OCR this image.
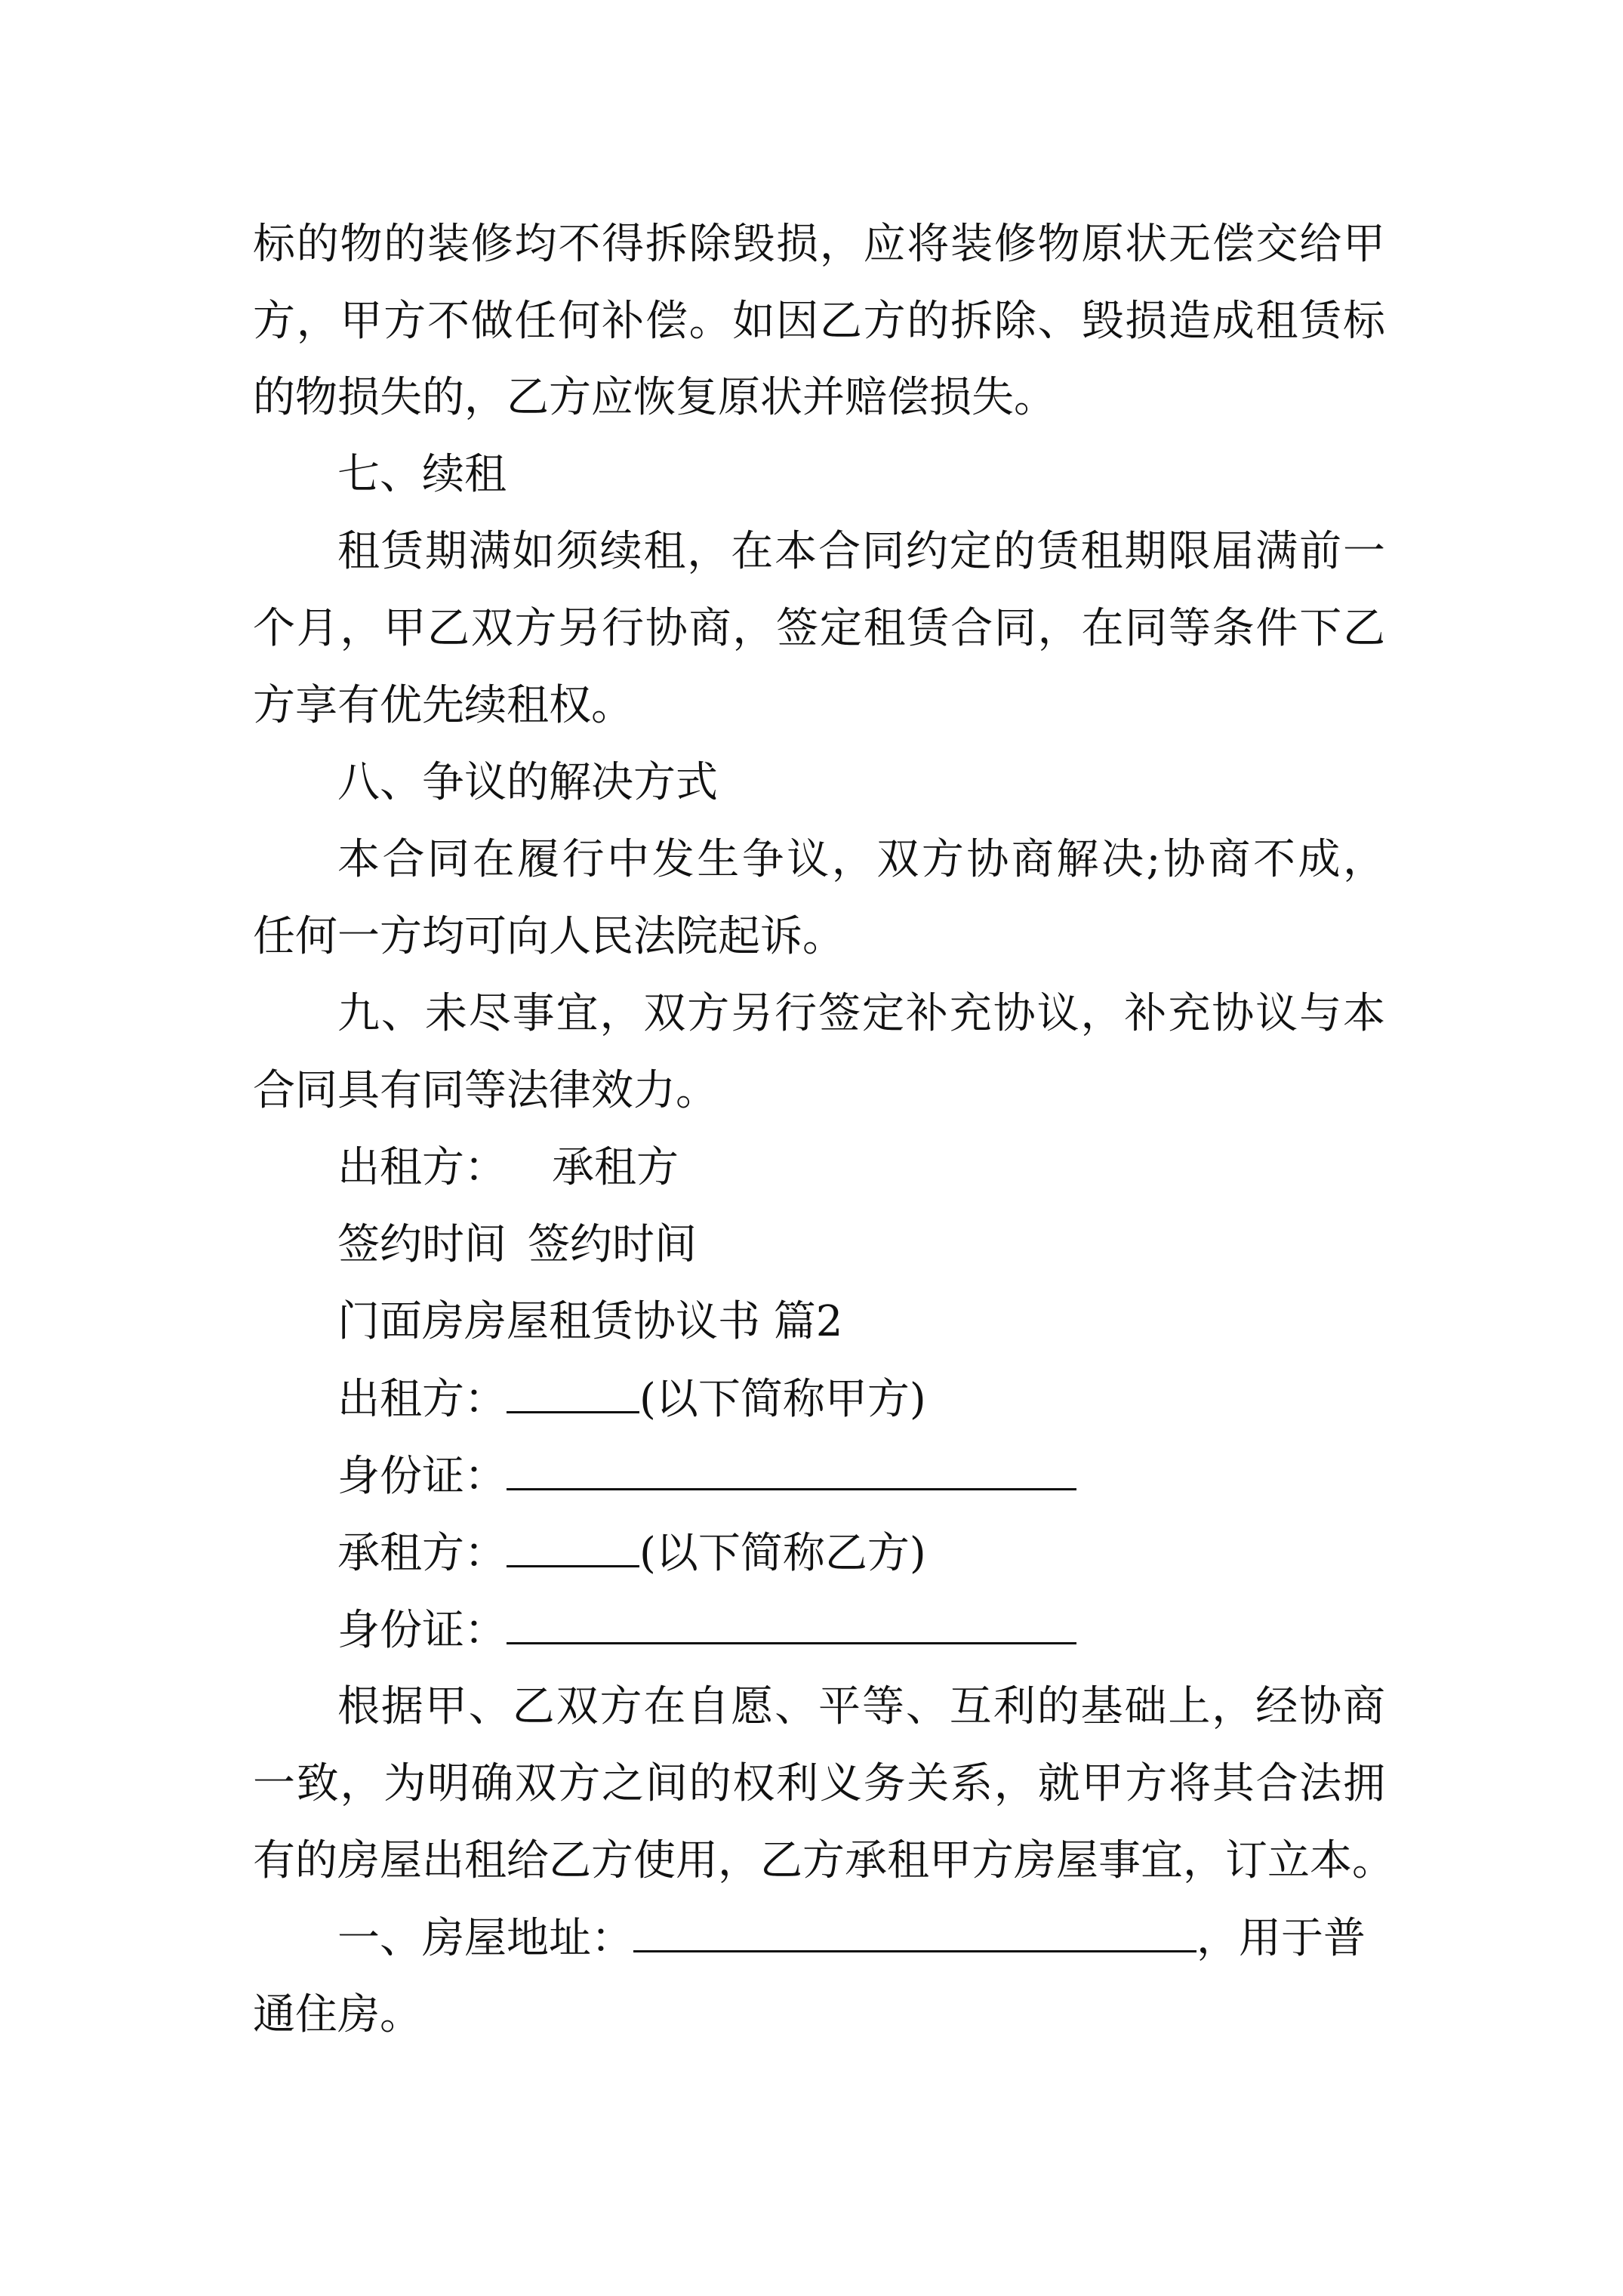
标的物的装修均不得拆除毁损，应将装修物原状无偿交给甲
方，甲方不做任何补偿。如因乙方的拆除、毁损造成租赁标
的物损失的，乙方应恢复原状并赔偿损失。
七、续租
租赁期满如须续租，在本合同约定的赁租期限届满前一
个月，甲乙双方另行协商，签定租赁合同，在同等条件下乙
方享有优先续租权。
八、争议的解决方式
本合同在履行中发生争议，双方协商解决;协商不成，
任何一方均可向人民法院起诉。
九、未尽事宜，双方另行签定补充协议，补充协议与本
合同具有同等法律效力。
出租方： 承租方
签约时间 签约时间
门面房房屋租赁协议书 篇2
出租方：	(以下简称甲方)
身份证：
承租方：	(以下简称乙方)
身份证：
根据甲、乙双方在自愿、平等、互利的基础上，经协商
一致，为明确双方之间的权利义务关系，就甲方将其合法拥
有的房屋出租给乙方使用，乙方承租甲方房屋事宜，订立本。
一、房屋地址：	，用于普
通住房。
